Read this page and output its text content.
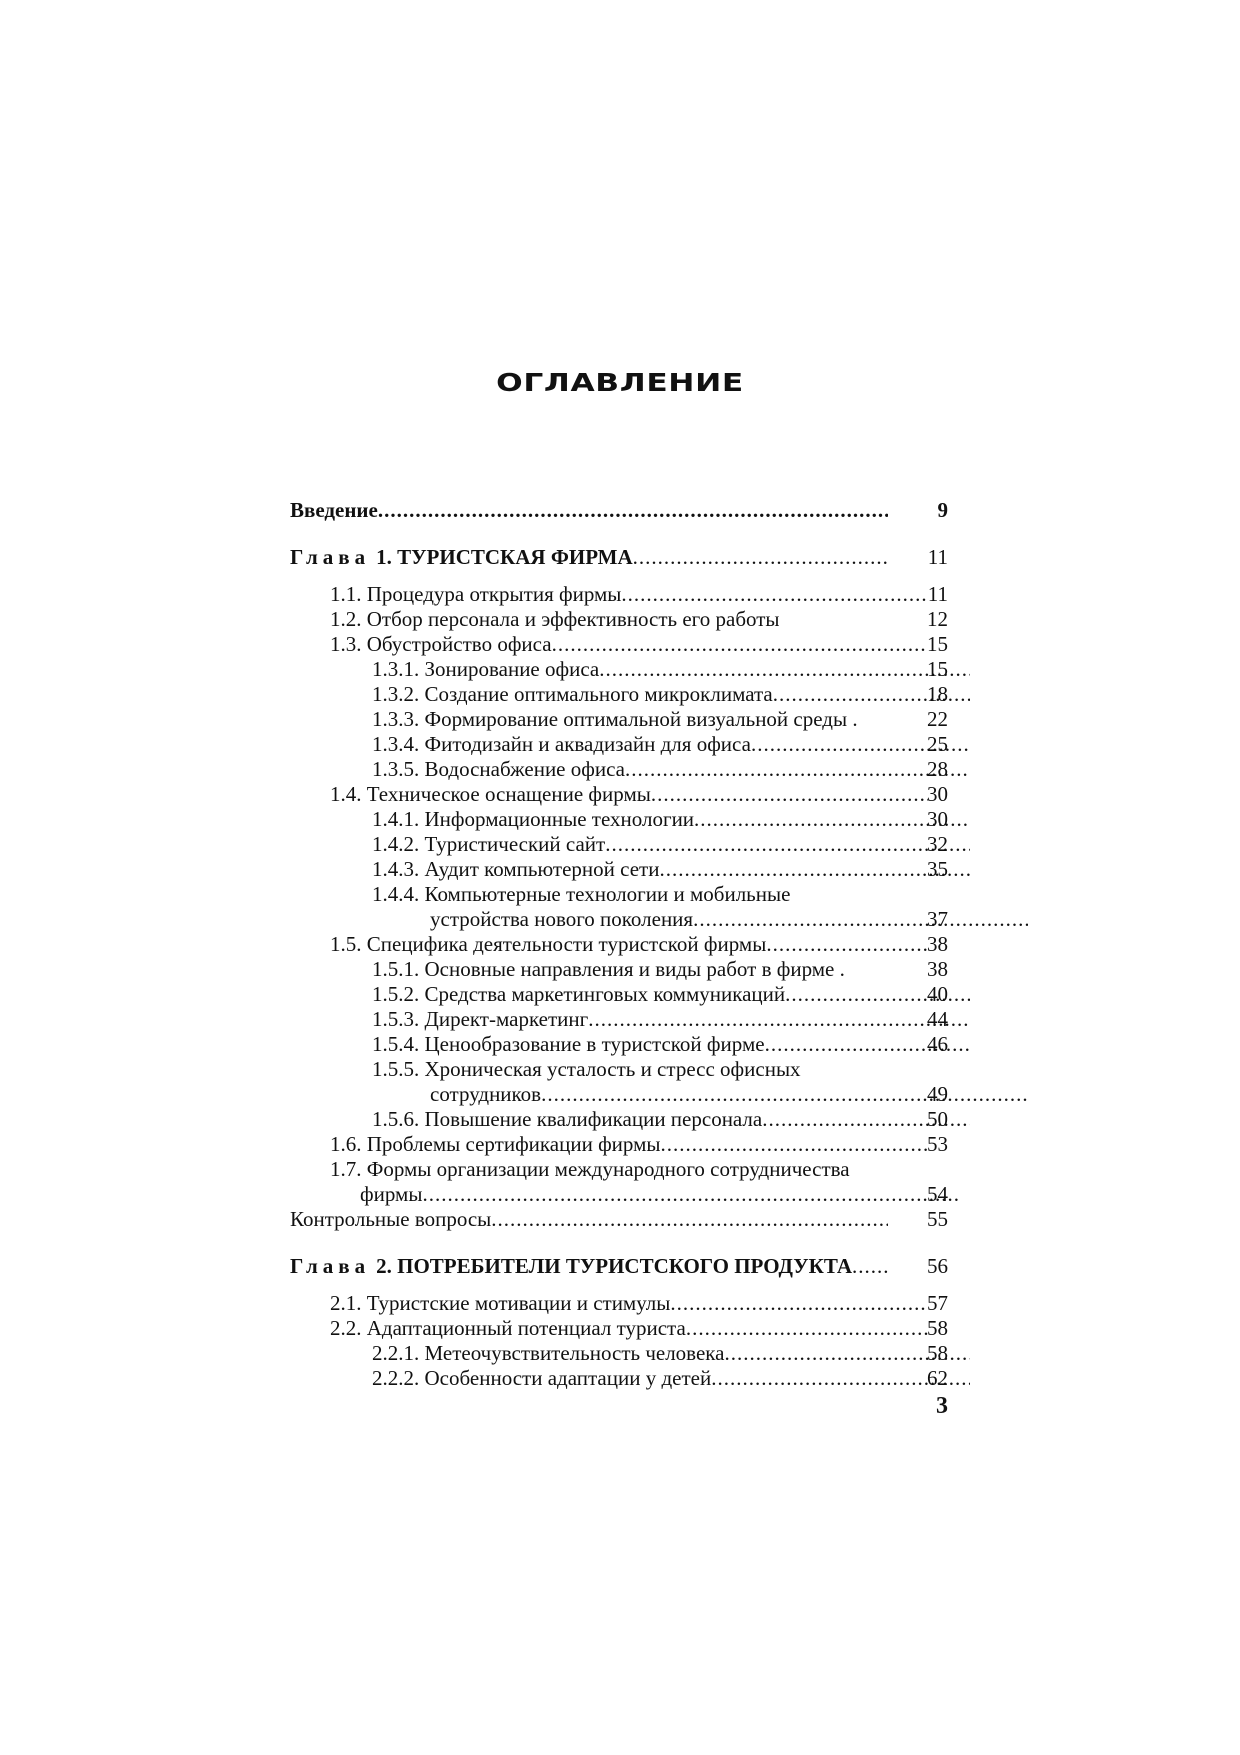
ОГЛАВЛЕНИЕ
Введение .....	9
Глава 1. ТУРИСТСКАЯ ФИРМА .....	11
1.1. Процедура открытия фирмы .....	11
1.2. Отбор персонала и эффективность его работы	12
1.3. Обустройство офиса .....	15
1.3.1. Зонирование офиса .....	15
1.3.2. Создание оптимального микроклимата .....	18
1.3.3. Формирование оптимальной визуальной среды .	22
1.3.4. Фитодизайн и аквадизайн для офиса .....	25
1.3.5. Водоснабжение офиса .....	28
1.4. Техническое оснащение фирмы .....	30
1.4.1. Информационные технологии .....	30
1.4.2. Туристический сайт .....	32
1.4.3. Аудит компьютерной сети .....	35
1.4.4. Компьютерные технологии и мобильные
устройства нового поколения .....	37
1.5. Специфика деятельности туристской фирмы .....	38
1.5.1. Основные направления и виды работ в фирме .	38
1.5.2. Средства маркетинговых коммуникаций .....	40
1.5.3. Директ-маркетинг .....	44
1.5.4. Ценообразование в туристской фирме .....	46
1.5.5. Хроническая усталость и стресс офисных
сотрудников .....	49
1.5.6. Повышение квалификации персонала .....	50
1.6. Проблемы сертификации фирмы .....	53
1.7. Формы организации международного сотрудничества
фирмы .....	54
Контрольные вопросы .....	55
Глава 2. ПОТРЕБИТЕЛИ ТУРИСТСКОГО ПРОДУКТА .....	56
2.1. Туристские мотивации и стимулы .....	57
2.2. Адаптационный потенциал туриста .....	58
2.2.1. Метеочувствительность человека .....	58
2.2.2. Особенности адаптации у детей .....	62
3
